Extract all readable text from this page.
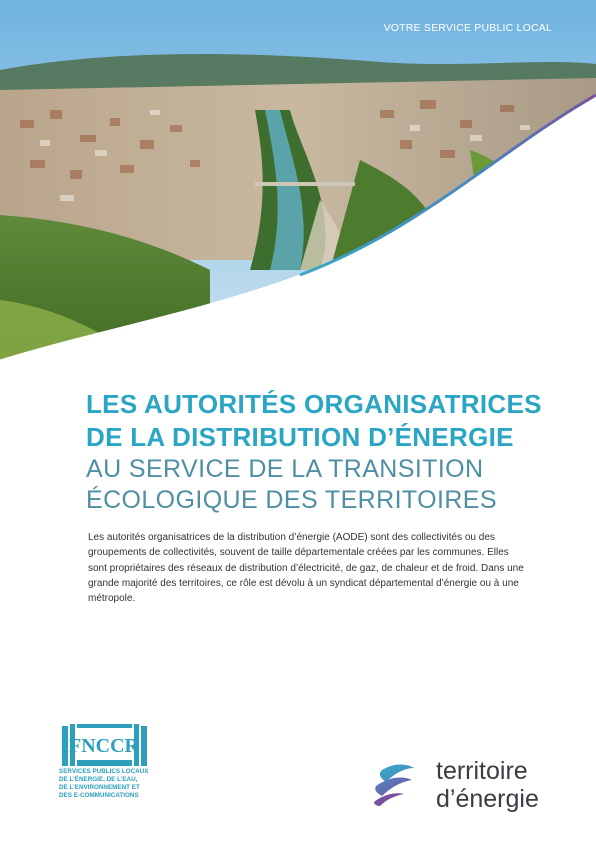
VOTRE SERVICE PUBLIC LOCAL
LES AUTORITÉS ORGANISATRICES
DE LA DISTRIBUTION D’ÉNERGIE
AU SERVICE DE LA TRANSITION
ÉCOLOGIQUE DES TERRITOIRES
Les autorités organisatrices de la distribution d’énergie (AODE) sont des collectivités ou des groupements de collectivités, souvent de taille départementale créées par les communes. Elles sont propriétaires des réseaux de distribution d’électricité, de gaz, de chaleur et de froid. Dans une grande majorité des territoires, ce rôle est dévolu à un syndicat départemental d’énergie ou à une métropole.
FNCCR
SERVICES PUBLICS LOCAUX
DE L’ÉNERGIE, DE L’EAU,
DE L’ENVIRONNEMENT ET
DES E-COMMUNICATIONS
territoire
d’énergie
